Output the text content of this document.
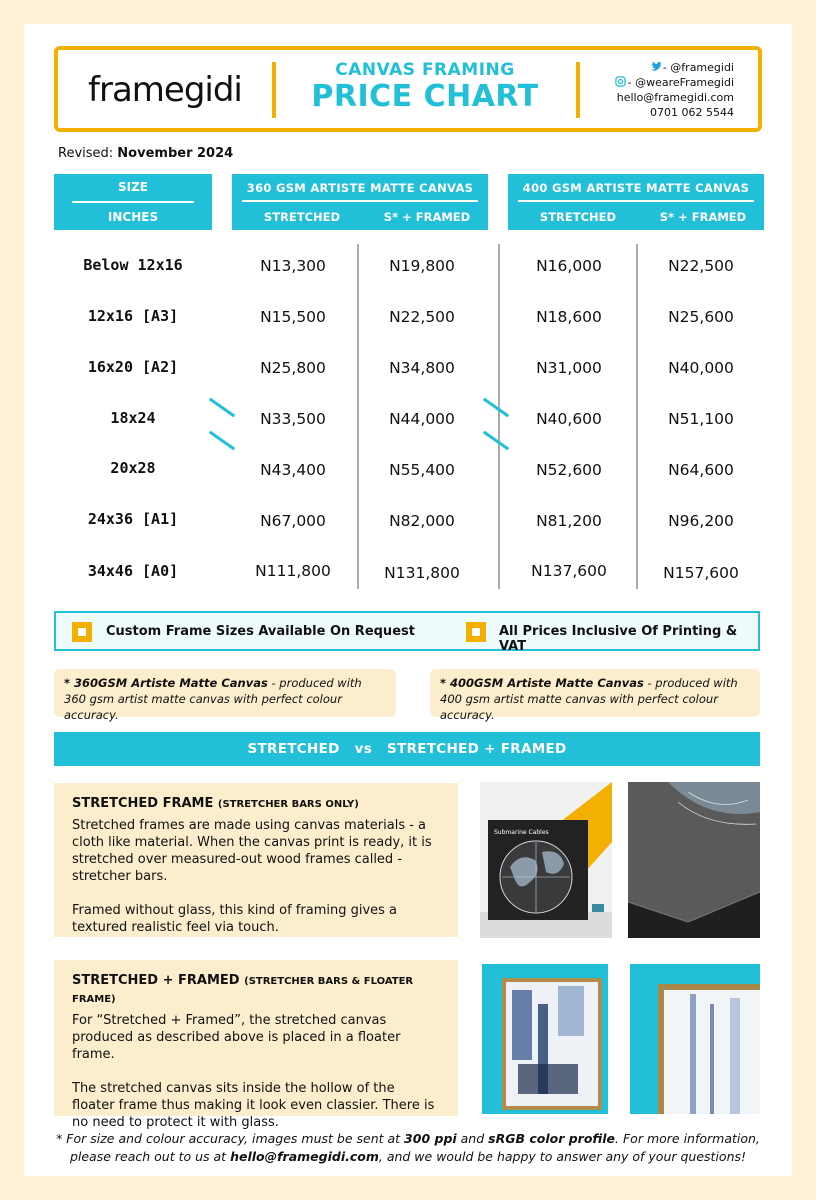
framegidi	CANVAS FRAMING
PRICE CHART
- @framegidi
- @weareFramegidi
hello@framegidi.com
0701 062 5544
Revised: November 2024
SIZE
INCHES
360 GSM ARTISTE MATTE CANVAS
STRETCHED	S* + FRAMED
400 GSM ARTISTE MATTE CANVAS
STRETCHED	S* + FRAMED
Below 12x16	N13,300	N19,800	N16,000	N22,500
12x16 [A3]	N15,500	N22,500	N18,600	N25,600
16x20 [A2]	N25,800	N34,800	N31,000	N40,000
18x24	N33,500	N44,000	N40,600	N51,100
20x28	N43,400	N55,400	N52,600	N64,600
24x36 [A1]	N67,000	N82,000	N81,200	N96,200
34x46 [A0]	N111,800	N131,800	N137,600	N157,600
Custom Frame Sizes Available On Request	All Prices Inclusive Of Printing & VAT
* 360GSM Artiste Matte Canvas - produced with 360 gsm artist matte canvas with perfect colour accuracy.
* 400GSM Artiste Matte Canvas - produced with 400 gsm artist matte canvas with perfect colour accuracy.
STRETCHED vs STRETCHED + FRAMED
STRETCHED FRAME (STRETCHER BARS ONLY)

Stretched frames are made using canvas materials - a cloth like material. When the canvas print is ready, it is stretched over measured-out wood frames called - stretcher bars.

Framed without glass, this kind of framing gives a textured realistic feel via touch.

Submarine Cables
STRETCHED + FRAMED (STRETCHER BARS & FLOATER FRAME)

For “Stretched + Framed”, the stretched canvas produced as described above is placed in a floater frame.

The stretched canvas sits inside the hollow of the floater frame thus making it look even classier. There is no need to protect it with glass.

* For size and colour accuracy, images must be sent at 300 ppi and sRGB color profile. For more information, please reach out to us at hello@framegidi.com, and we would be happy to answer any of your questions!
